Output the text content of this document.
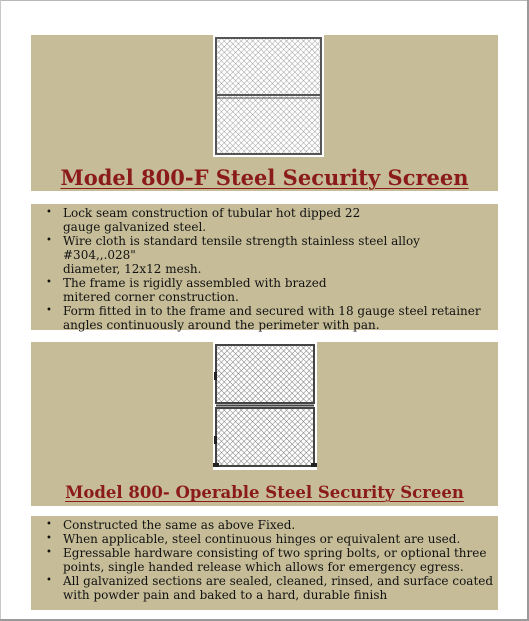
Model 800-F Steel Security Screen
• Lock seam construction of tubular hot dipped 22
gauge galvanized steel.
• Wire cloth is standard tensile strength stainless steel alloy #304,,.028"
diameter, 12x12 mesh.
• The frame is rigidly assembled with brazed
mitered corner construction.
• Form fitted in to the frame and secured with 18 gauge steel retainer
angles continuously around the perimeter with pan.
Model 800- Operable Steel Security Screen
• Constructed the same as above Fixed.
• When applicable, steel continuous hinges or equivalent are used.
• Egressable hardware consisting of two spring bolts, or optional three
points, single handed release which allows for emergency egress.
• All galvanized sections are sealed, cleaned, rinsed, and surface coated
with powder pain and baked to a hard, durable finish
